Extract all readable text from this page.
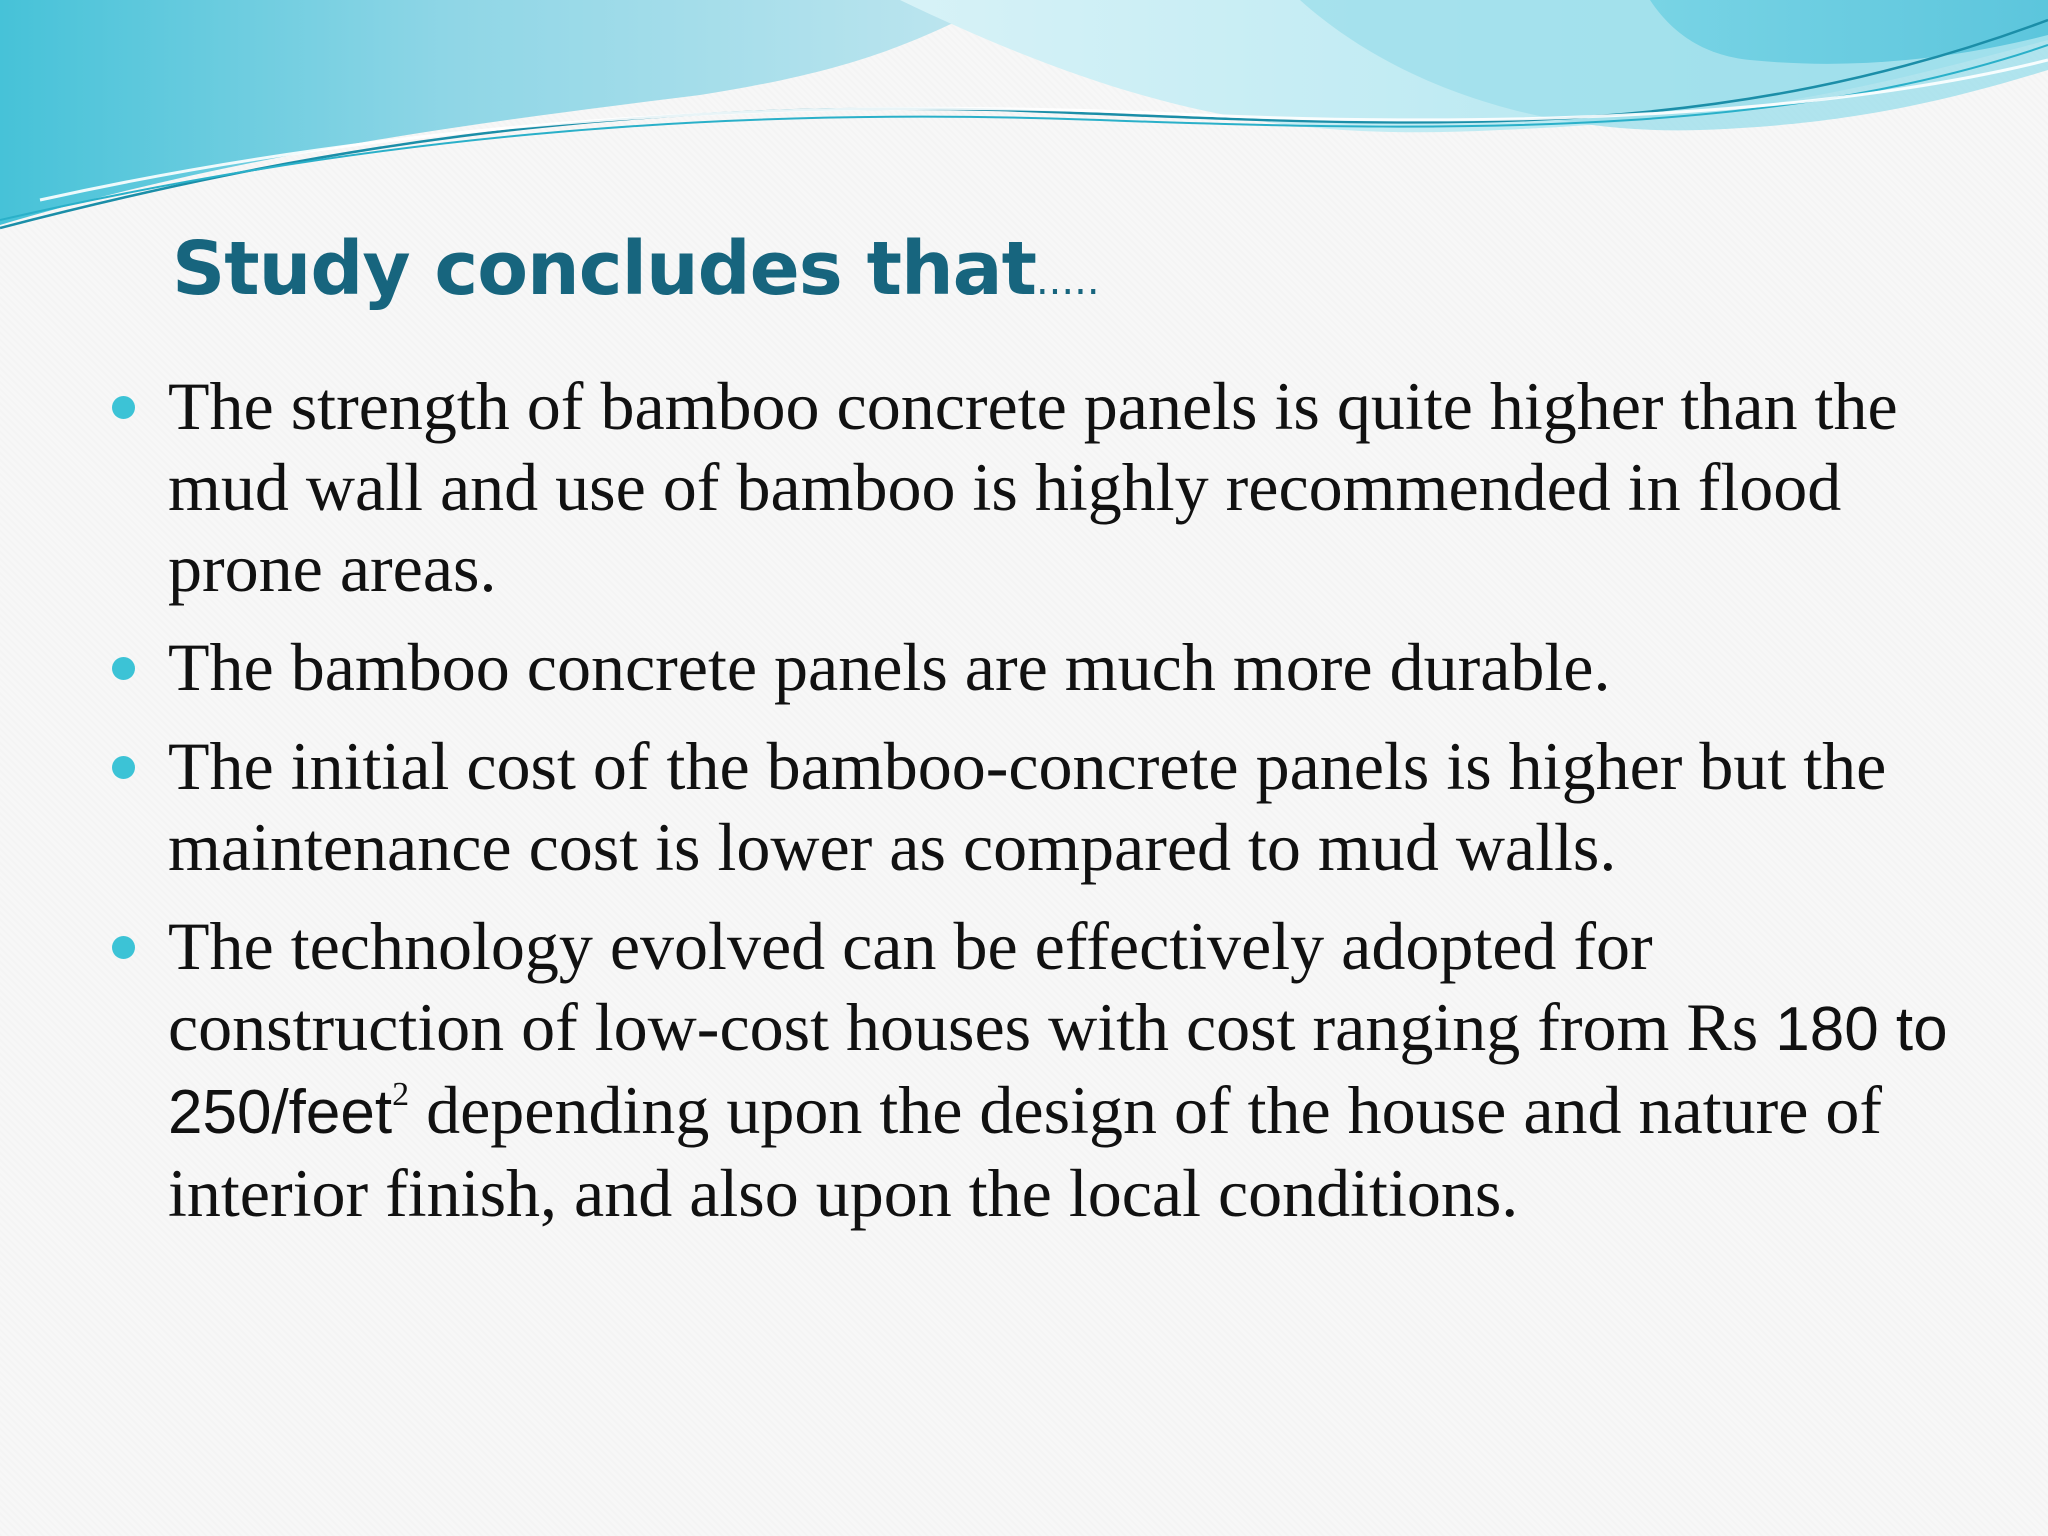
Study concludes that.....
The strength of bamboo concrete panels is quite higher than the mud wall and use of bamboo is highly recommended in flood prone areas.
The bamboo concrete panels are much more durable.
The initial cost of the bamboo-concrete panels is higher but the maintenance cost is lower as compared to mud walls.
The technology evolved can be effectively adopted for construction of low-cost houses with cost ranging from Rs 180 to 250/feet$^2$ depending upon the design of the house and nature of interior finish, and also upon the local conditions.
